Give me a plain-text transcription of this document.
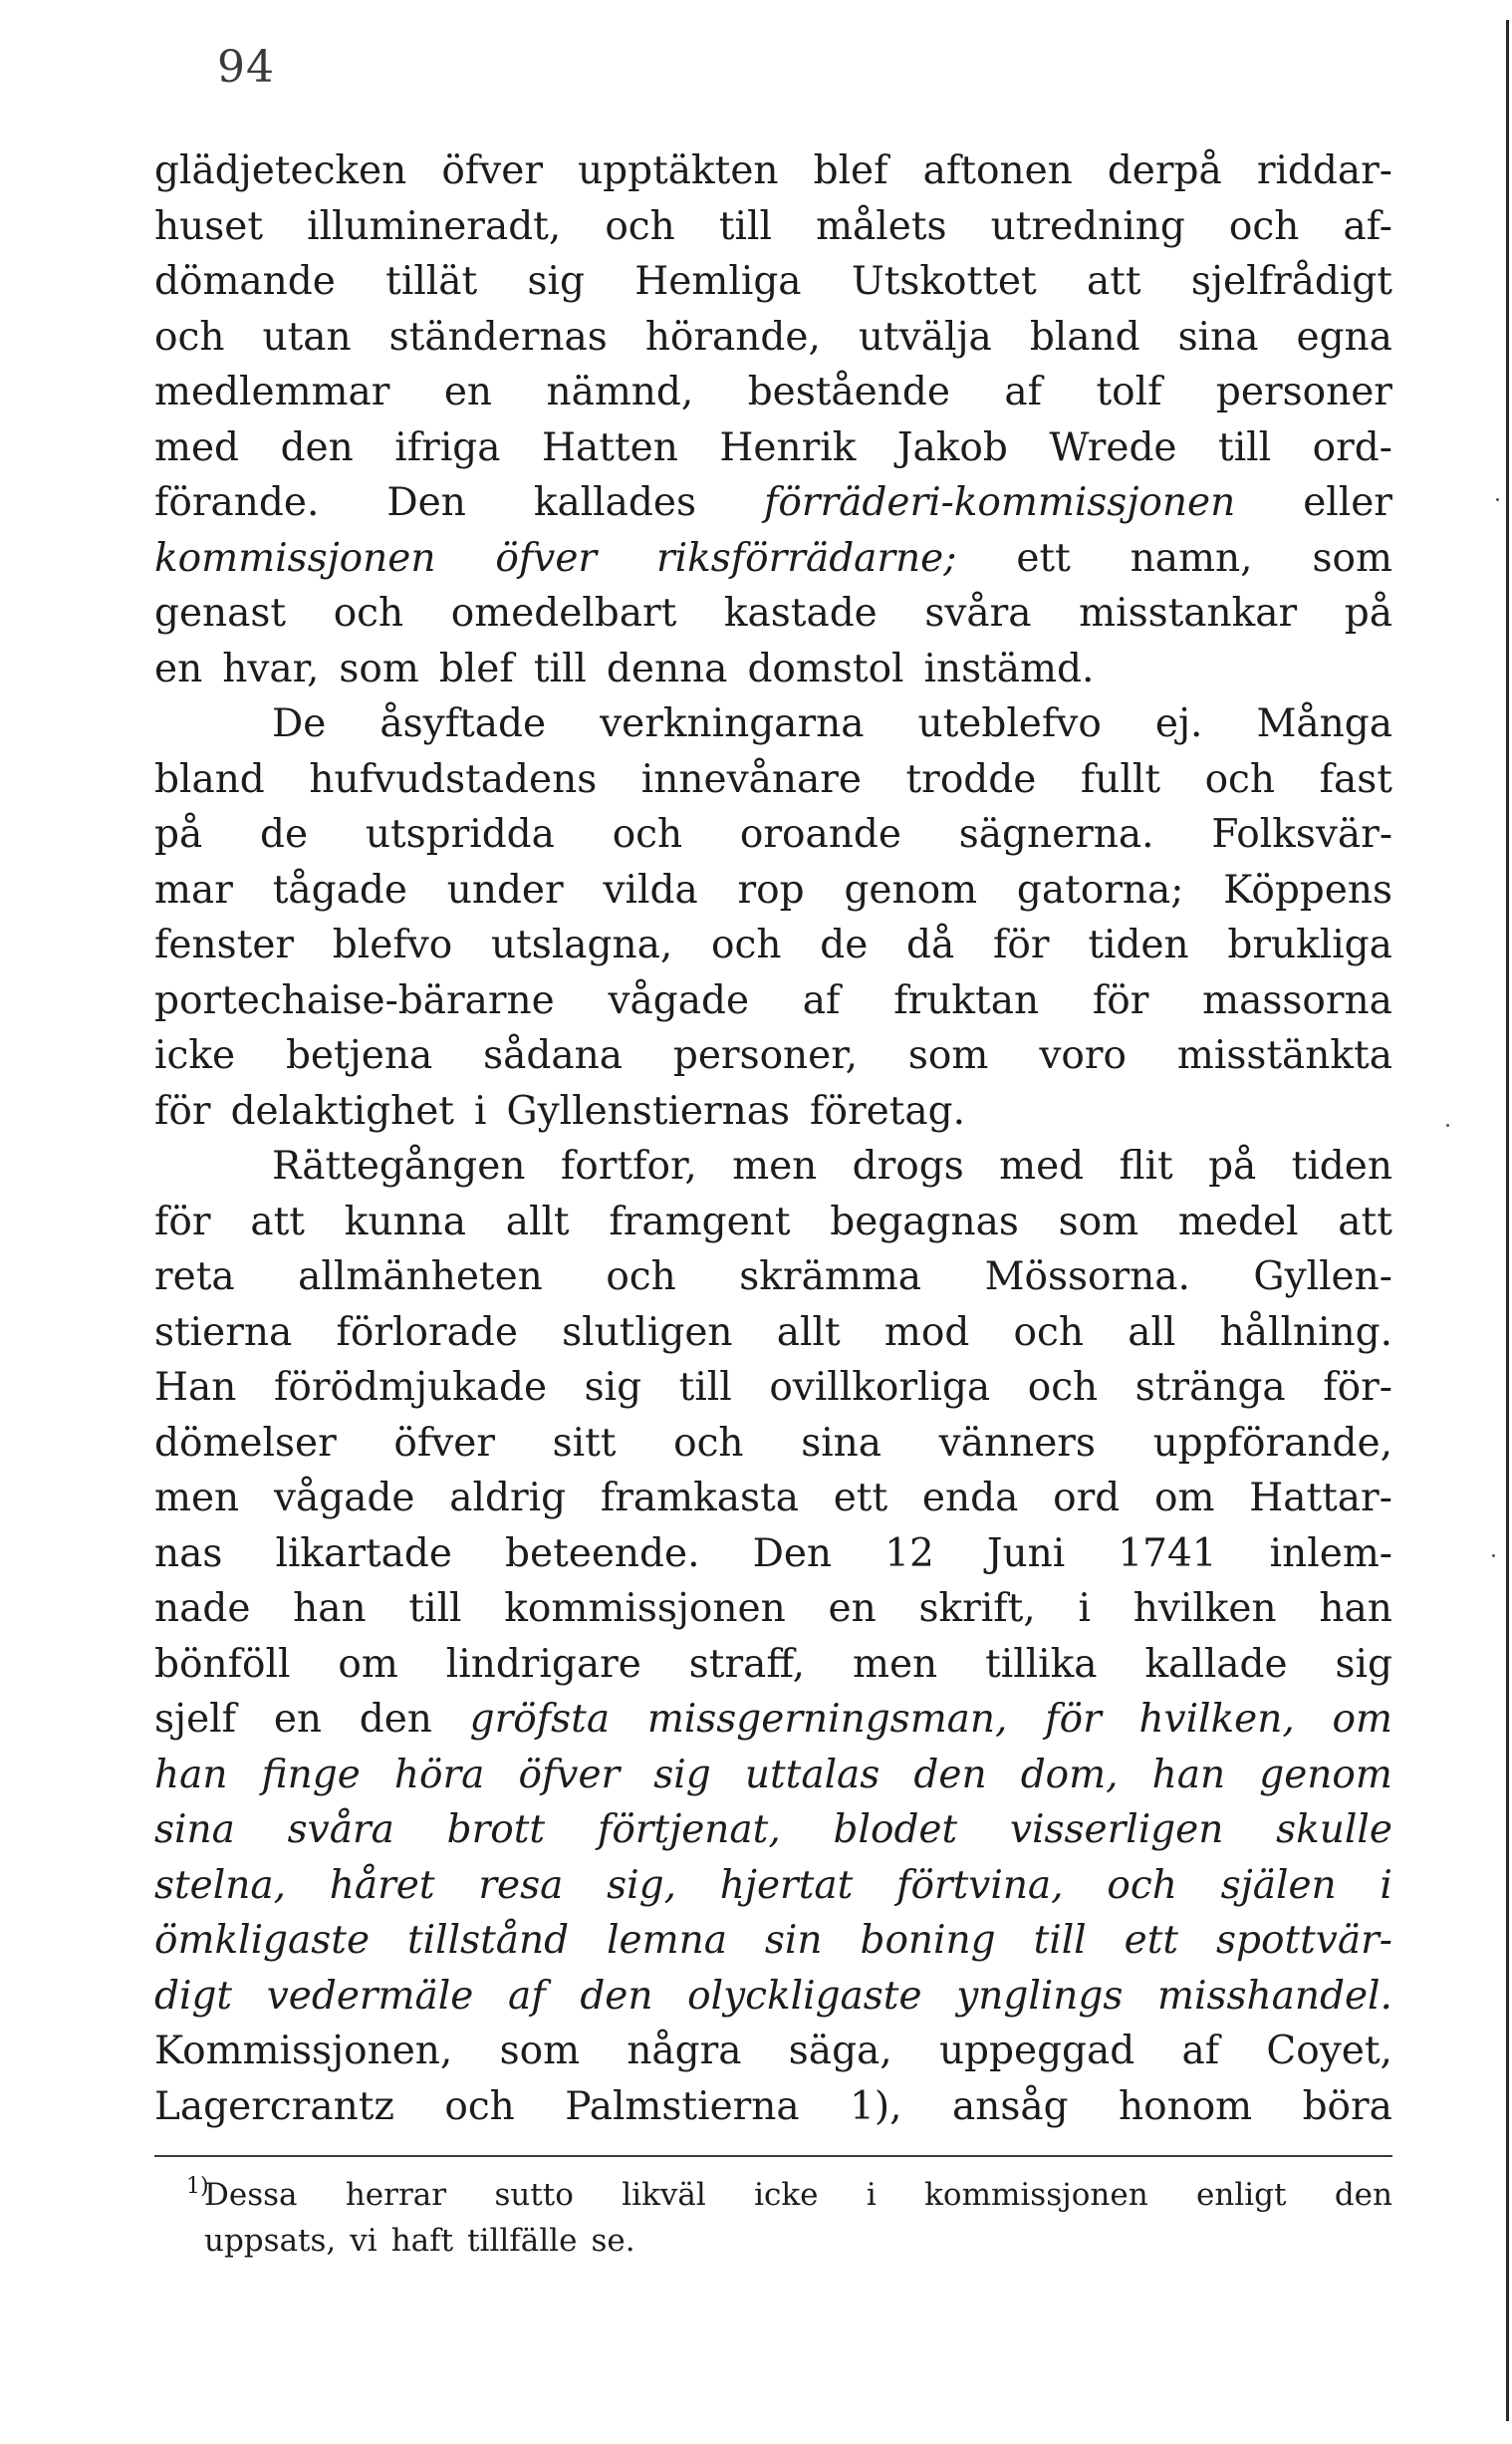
94
glädjetecken öfver upptäkten blef aftonen derpå riddar-
huset illumineradt, och till målets utredning och af-
dömande tillät sig Hemliga Utskottet att sjelfrådigt
och utan ständernas hörande, utvälja bland sina egna
medlemmar en nämnd, bestående af tolf personer
med den ifriga Hatten Henrik Jakob Wrede till ord-
förande. Den kallades förräderi-kommissjonen eller
kommissjonen öfver riksförrädarne; ett namn, som
genast och omedelbart kastade svåra misstankar på
en hvar, som blef till denna domstol instämd.
De åsyftade verkningarna uteblefvo ej. Många
bland hufvudstadens innevånare trodde fullt och fast
på de utspridda och oroande sägnerna. Folksvär-
mar tågade under vilda rop genom gatorna; Köppens
fenster blefvo utslagna, och de då för tiden brukliga
portechaise-bärarne vågade af fruktan för massorna
icke betjena sådana personer, som voro misstänkta
för delaktighet i Gyllenstiernas företag.
Rättegången fortfor, men drogs med flit på tiden
för att kunna allt framgent begagnas som medel att
reta allmänheten och skrämma Mössorna. Gyllen-
stierna förlorade slutligen allt mod och all hållning.
Han förödmjukade sig till ovillkorliga och stränga för-
dömelser öfver sitt och sina vänners uppförande,
men vågade aldrig framkasta ett enda ord om Hattar-
nas likartade beteende. Den 12 Juni 1741 inlem-
nade han till kommissjonen en skrift, i hvilken han
bönföll om lindrigare straff, men tillika kallade sig
sjelf en den gröfsta missgerningsman, för hvilken, om
han finge höra öfver sig uttalas den dom, han genom
sina svåra brott förtjenat, blodet visserligen skulle
stelna, håret resa sig, hjertat förtvina, och själen i
ömkligaste tillstånd lemna sin boning till ett spottvär-
digt vedermäle af den olyckligaste ynglings misshandel.
Kommissjonen, som några säga, uppeggad af Coyet,
Lagercrantz och Palmstierna 1), ansåg honom böra
1)
Dessa herrar sutto likväl icke i kommissjonen enligt den
uppsats, vi haft tillfälle se.
